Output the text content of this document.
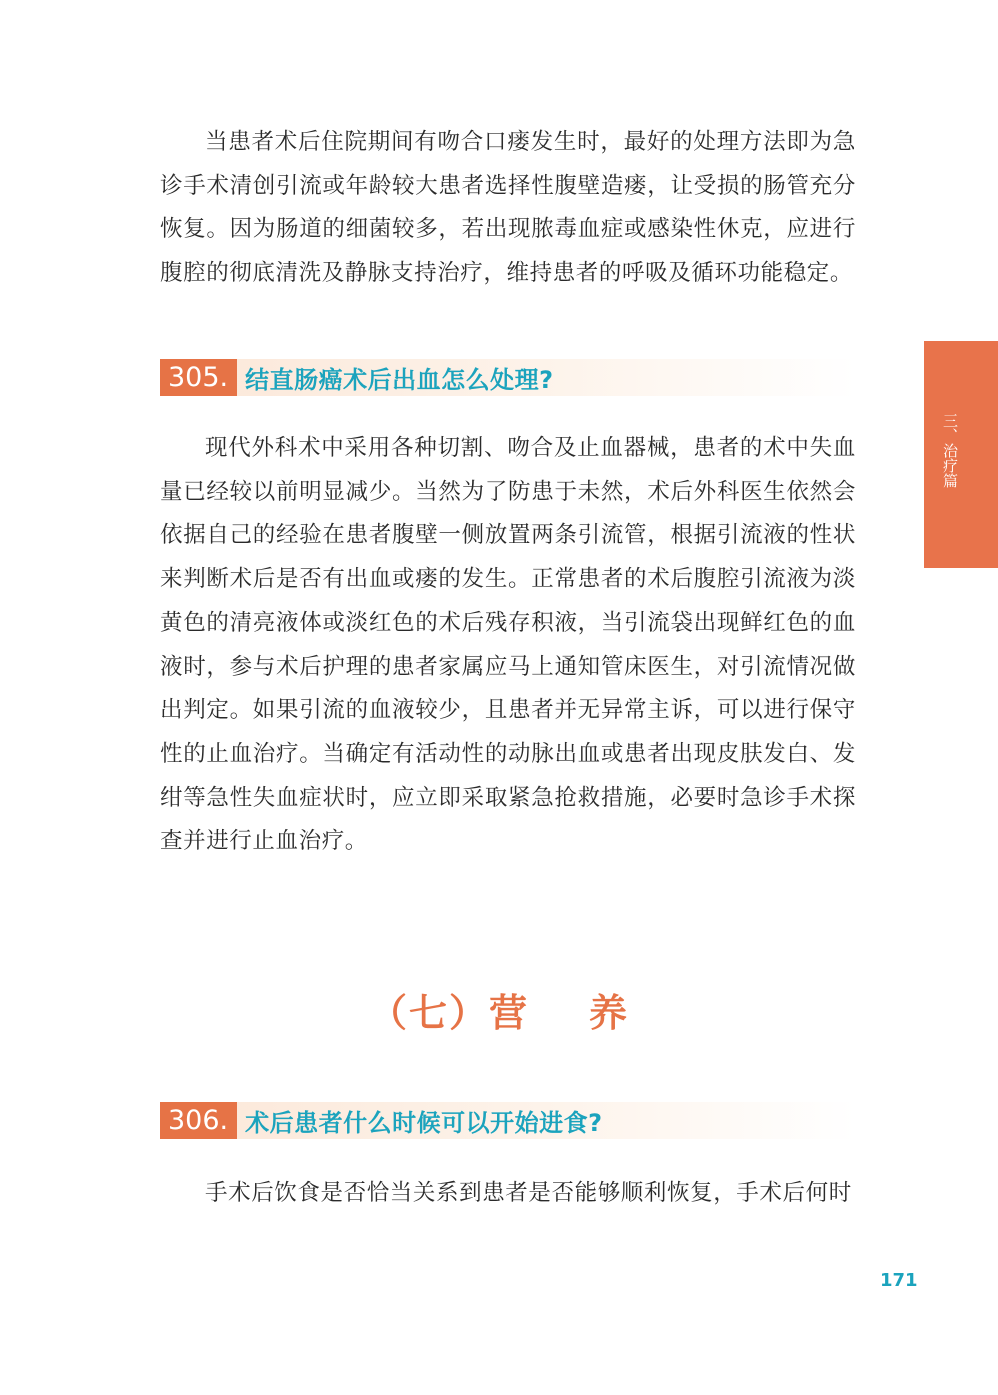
当患者术后住院期间有吻合口瘘发生时，最好的处理方法即为急诊手术清创引流或年龄较大患者选择性腹壁造瘘，让受损的肠管充分恢复。因为肠道的细菌较多，若出现脓毒血症或感染性休克，应进行腹腔的彻底清洗及静脉支持治疗，维持患者的呼吸及循环功能稳定。

305. 结直肠癌术后出血怎么处理?

现代外科术中采用各种切割、吻合及止血器械，患者的术中失血量已经较以前明显减少。当然为了防患于未然，术后外科医生依然会依据自己的经验在患者腹壁一侧放置两条引流管，根据引流液的性状来判断术后是否有出血或瘘的发生。正常患者的术后腹腔引流液为淡黄色的清亮液体或淡红色的术后残存积液，当引流袋出现鲜红色的血液时，参与术后护理的患者家属应马上通知管床医生，对引流情况做出判定。如果引流的血液较少，且患者并无异常主诉，可以进行保守性的止血治疗。当确定有活动性的动脉出血或患者出现皮肤发白、发绀等急性失血症状时，应立即采取紧急抢救措施，必要时急诊手术探查并进行止血治疗。

（七）营 养
306. 术后患者什么时候可以开始进食?

手术后饮食是否恰当关系到患者是否能够顺利恢复，手术后何时

三、治疗篇
171
